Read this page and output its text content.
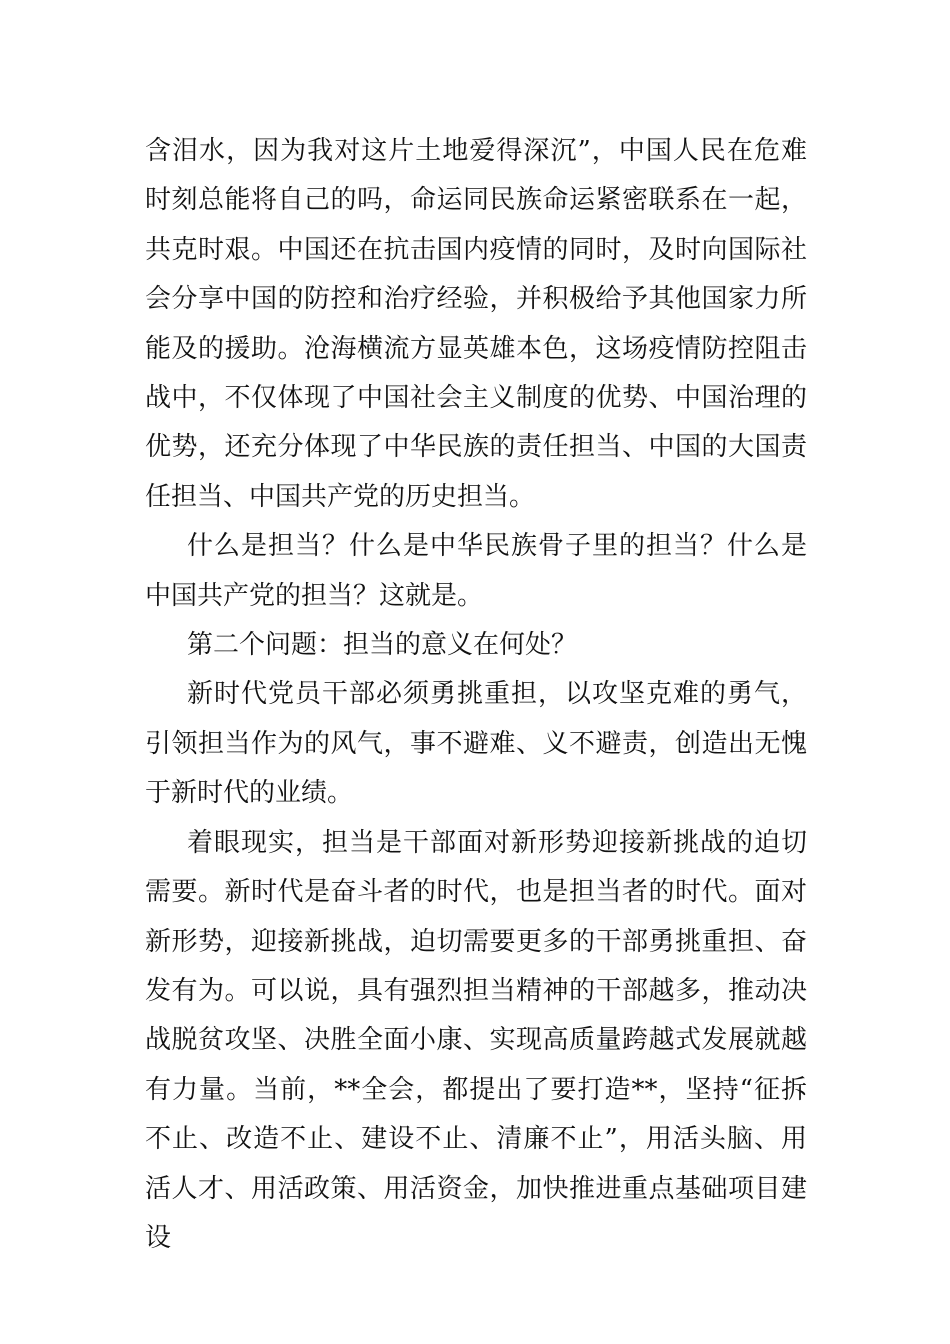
含泪水，因为我对这片土地爱得深沉”，中国人民在危难时刻总能将自己的吗，命运同民族命运紧密联系在一起，共克时艰。中国还在抗击国内疫情的同时，及时向国际社会分享中国的防控和治疗经验，并积极给予其他国家力所能及的援助。沧海横流方显英雄本色，这场疫情防控阻击战中，不仅体现了中国社会主义制度的优势、中国治理的优势，还充分体现了中华民族的责任担当、中国的大国责任担当、中国共产党的历史担当。

什么是担当？什么是中华民族骨子里的担当？什么是中国共产党的担当？这就是。

第二个问题：担当的意义在何处？

新时代党员干部必须勇挑重担，以攻坚克难的勇气，引领担当作为的风气，事不避难、义不避责，创造出无愧于新时代的业绩。

着眼现实，担当是干部面对新形势迎接新挑战的迫切需要。新时代是奋斗者的时代，也是担当者的时代。面对新形势，迎接新挑战，迫切需要更多的干部勇挑重担、奋发有为。可以说，具有强烈担当精神的干部越多，推动决战脱贫攻坚、决胜全面小康、实现高质量跨越式发展就越有力量。当前，**全会，都提出了要打造**，坚持“征拆不止、改造不止、建设不止、清廉不止”，用活头脑、用活人才、用活政策、用活资金，加快推进重点基础项目建设
